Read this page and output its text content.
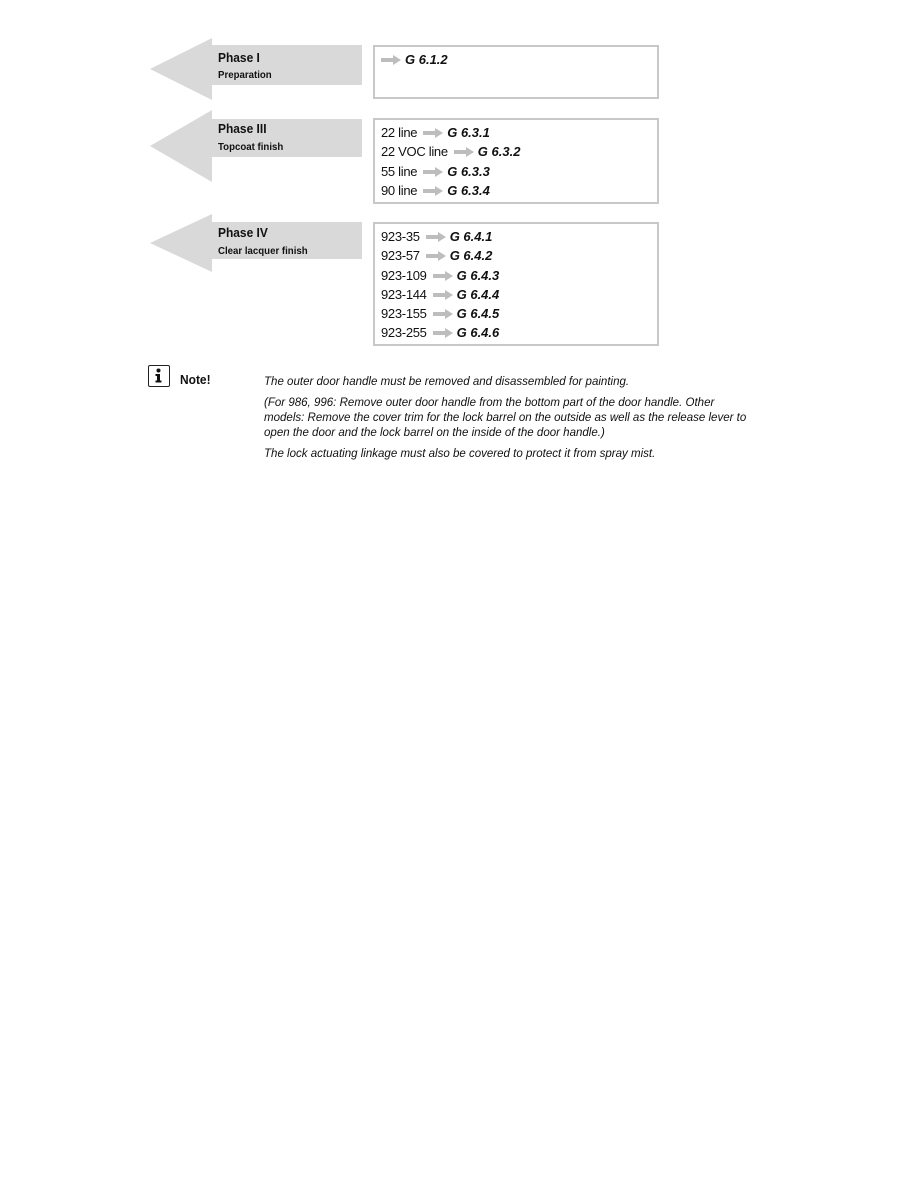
Phase I
Preparation
G 6.1.2
Phase III
Topcoat finish
22 line G 6.3.1
22 VOC line G 6.3.2
55 line G 6.3.3
90 line G 6.3.4
Phase IV
Clear lacquer finish
923-35 G 6.4.1
923-57 G 6.4.2
923-109 G 6.4.3
923-144 G 6.4.4
923-155 G 6.4.5
923-255 G 6.4.6
Note!	The outer door handle must be removed and disassembled for painting.

(For 986, 996: Remove outer door handle from the bottom part of the door handle. Other models: Remove the cover trim for the lock barrel on the outside as well as the release lever to open the door and the lock barrel on the inside of the door handle.)

The lock actuating linkage must also be covered to protect it from spray mist.
